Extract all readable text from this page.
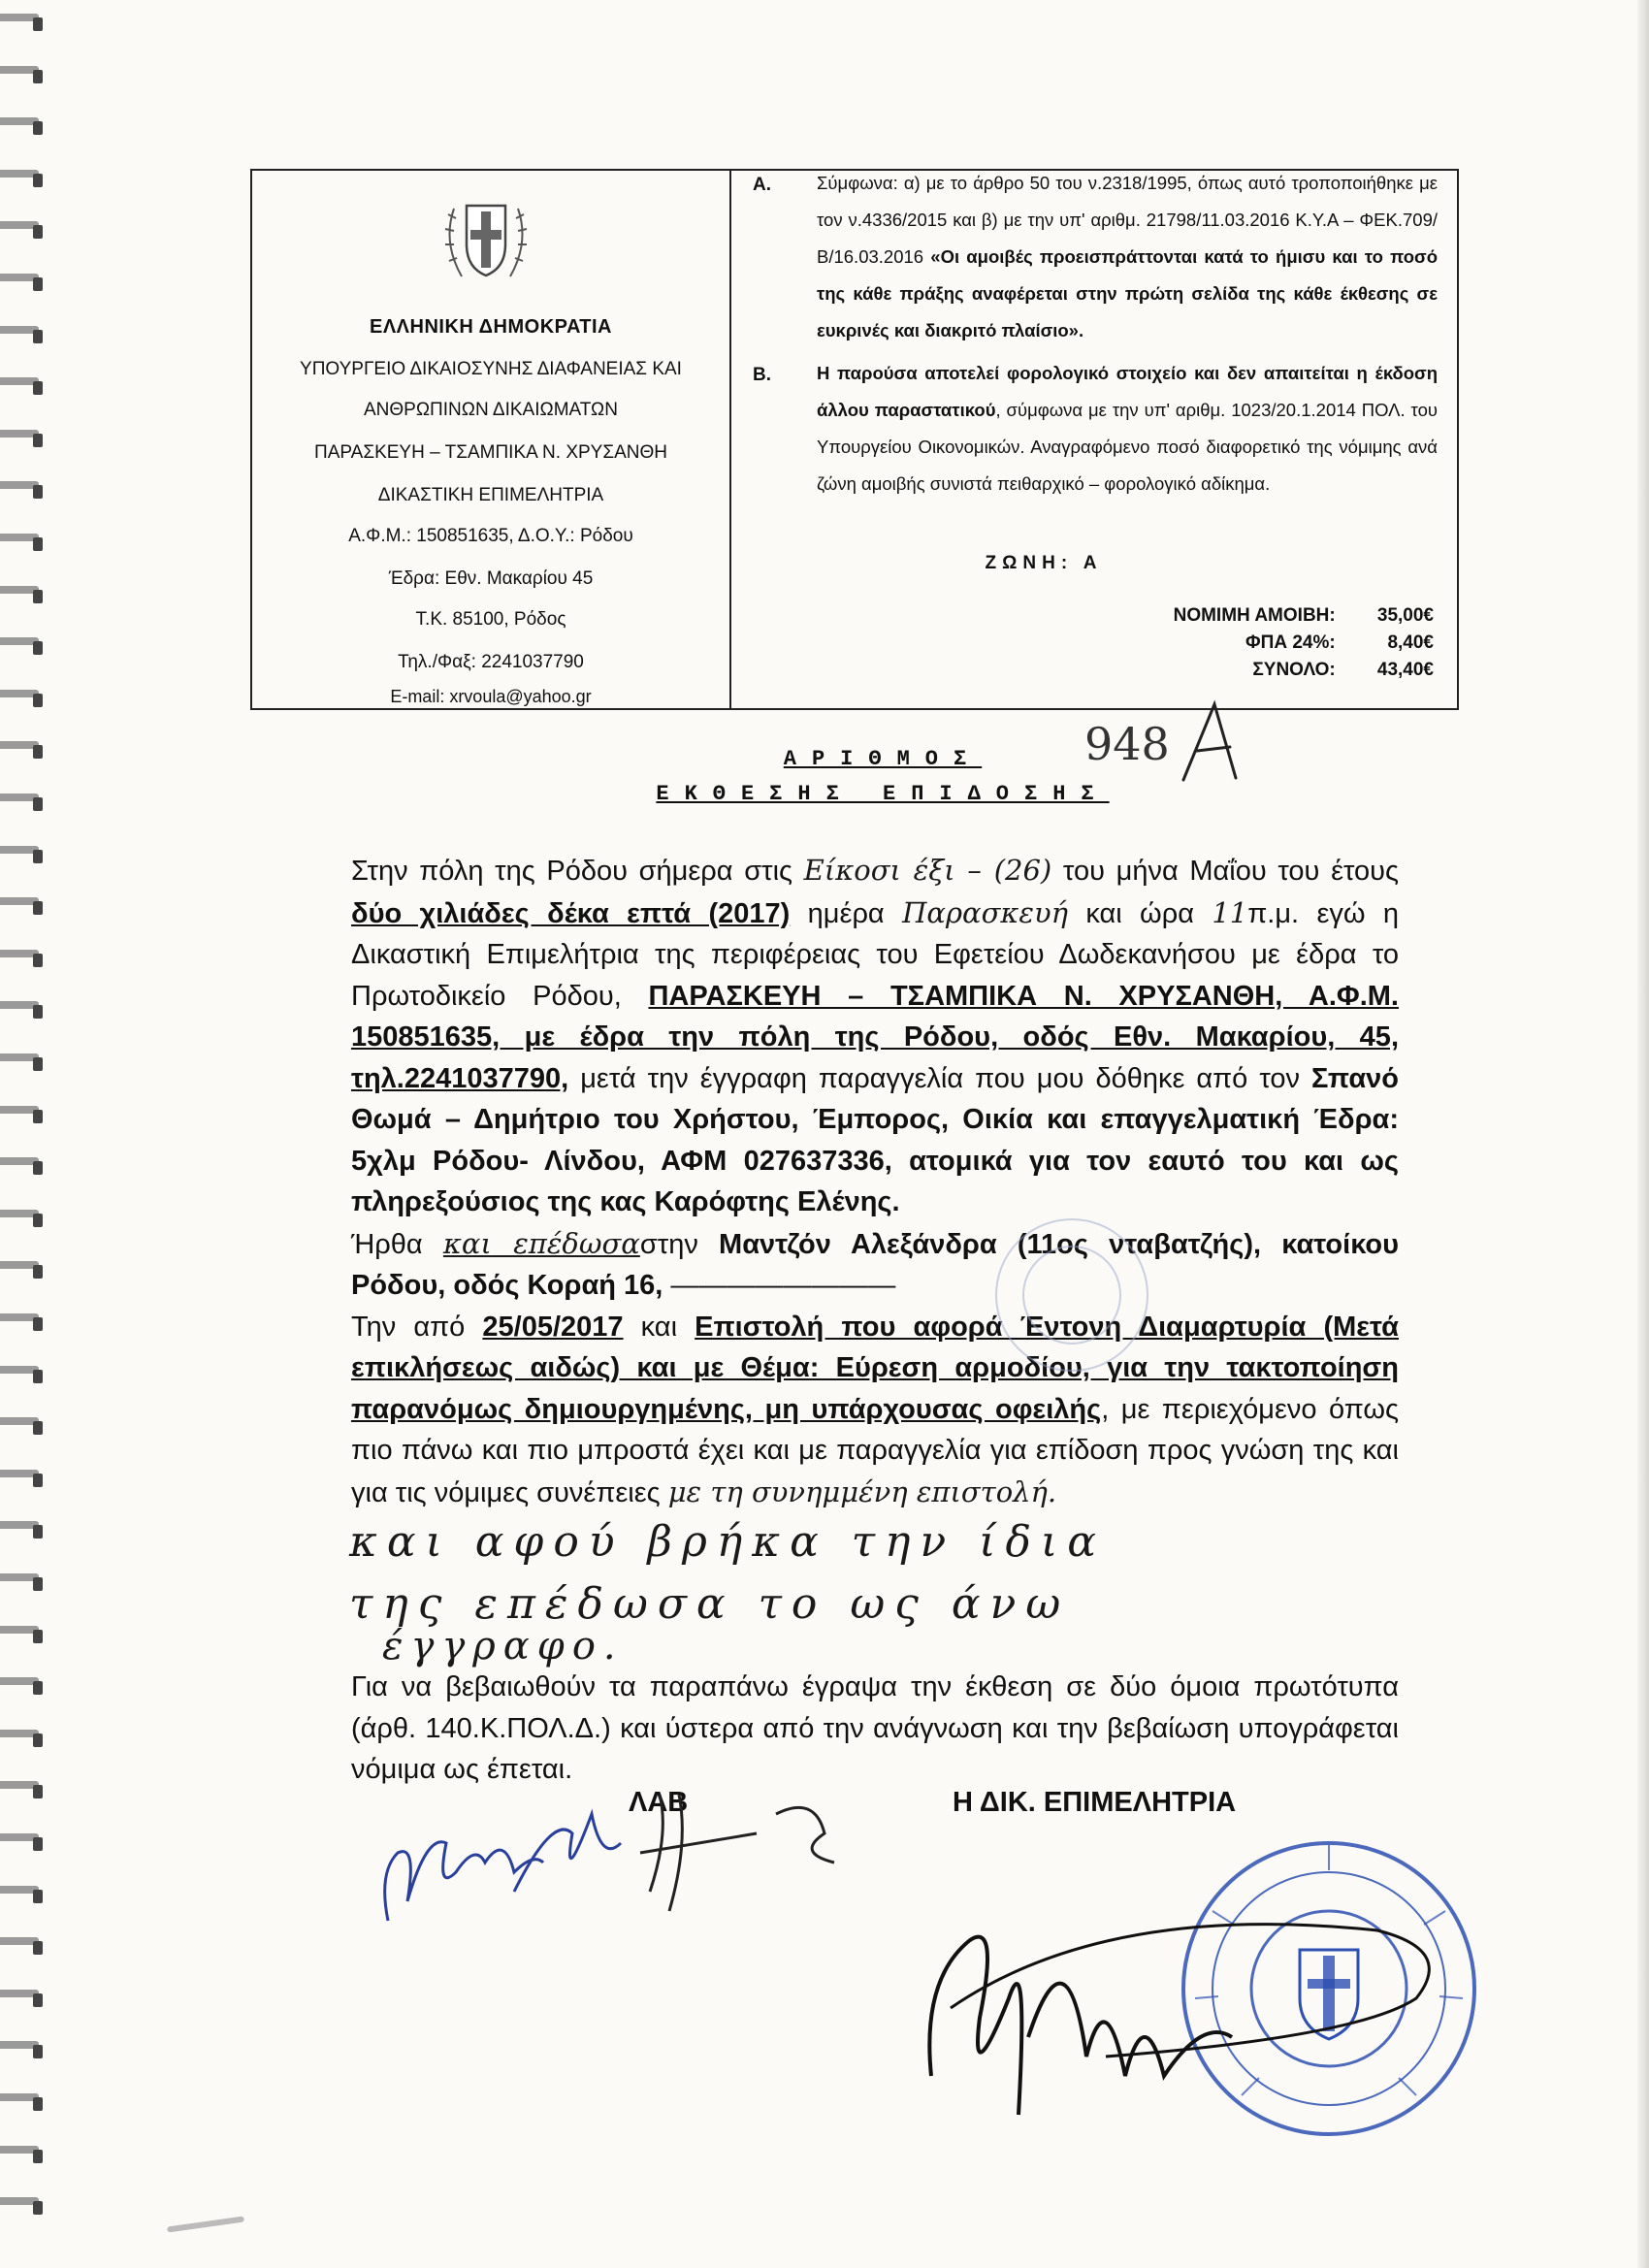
ΕΛΛΗΝΙΚΗ ΔΗΜΟΚΡΑΤΙΑ
ΥΠΟΥΡΓΕΙΟ ΔΙΚΑΙΟΣΥΝΗΣ ΔΙΑΦΑΝΕΙΑΣ ΚΑΙ
ΑΝΘΡΩΠΙΝΩΝ ΔΙΚΑΙΩΜΑΤΩΝ
ΠΑΡΑΣΚΕΥΗ – ΤΣΑΜΠΙΚΑ Ν. ΧΡΥΣΑΝΘΗ
ΔΙΚΑΣΤΙΚΗ ΕΠΙΜΕΛΗΤΡΙΑ
Α.Φ.Μ.: 150851635, Δ.Ο.Υ.: Ρόδου
Έδρα: Εθν. Μακαρίου 45
Τ.Κ. 85100, Ρόδος
Τηλ./Φαξ: 2241037790
E-mail: xrvoula@yahoo.gr
Α.	Σύμφωνα: α) με το άρθρο 50 του ν.2318/1995, όπως αυτό τροποποιήθηκε με τον ν.4336/2015 και β) με την υπ' αριθμ. 21798/11.03.2016 Κ.Υ.Α – ΦΕΚ.709/Β/16.03.2016 «Οι αμοιβές προεισπράττονται κατά το ήμισυ και το ποσό της κάθε πράξης αναφέρεται στην πρώτη σελίδα της κάθε έκθεσης σε ευκρινές και διακριτό πλαίσιο».
Β.	Η παρούσα αποτελεί φορολογικό στοιχείο και δεν απαιτείται η έκδοση άλλου παραστατικού, σύμφωνα με την υπ' αριθμ. 1023/20.1.2014 ΠΟΛ. του Υπουργείου Οικονομικών. Αναγραφόμενο ποσό διαφορετικό της νόμιμης ανά ζώνη αμοιβής συνιστά πειθαρχικό – φορολογικό αδίκημα.
ΖΩΝΗ: Α
ΝΟΜΙΜΗ ΑΜΟΙΒΗ: 35,00€
ΦΠΑ 24%:	8,40€
ΣΥΝΟΛΟ: 43,40€
ΑΡΙΘΜΟΣ
ΕΚΘΕΣΗΣ ΕΠΙΔΟΣΗΣ
948

Στην πόλη της Ρόδου σήμερα στις Είκοσι έξι – (26) του μήνα Μαΐου του έτους δύο χιλιάδες δέκα επτά (2017) ημέρα Παρασκευή και ώρα 11π.μ. εγώ η Δικαστική Επιμελήτρια της περιφέρειας του Εφετείου Δωδεκανήσου με έδρα το Πρωτοδικείο Ρόδου, ΠΑΡΑΣΚΕΥΗ – ΤΣΑΜΠΙΚΑ Ν. ΧΡΥΣΑΝΘΗ, Α.Φ.Μ. 150851635, με έδρα την πόλη της Ρόδου, οδός Εθν. Μακαρίου, 45, τηλ.2241037790, μετά την έγγραφη παραγγελία που μου δόθηκε από τον Σπανό Θωμά – Δημήτριο του Χρήστου, Έμπορος, Οικία και επαγγελματική Έδρα: 5χλμ Ρόδου- Λίνδου, ΑΦΜ 027637336, ατομικά για τον εαυτό του και ως πληρεξούσιος της κας Καρόφτης Ελένης.

Ήρθα και επέδωσαστην Μαντζόν Αλεξάνδρα (11ος νταβατζής), κατοίκου Ρόδου, οδός Κοραή 16, ————————

Την από 25/05/2017 και Επιστολή που αφορά Έντονη Διαμαρτυρία (Μετά επικλήσεως αιδώς) και με Θέμα: Εύρεση αρμοδίου, για την τακτοποίηση παρανόμως δημιουργημένης, μη υπάρχουσας οφειλής, με περιεχόμενο όπως πιο πάνω και πιο μπροστά έχει και με παραγγελία για επίδοση προς γνώση της και για τις νόμιμες συνέπειες με τη συνημμένη επιστολή.

και αφού βρήκα την ίδια
της επέδωσα το ως άνω
έγγραφο.

Για να βεβαιωθούν τα παραπάνω έγραψα την έκθεση σε δύο όμοια πρωτότυπα (άρθ. 140.Κ.ΠΟΛ.Δ.) και ύστερα από την ανάγνωση και την βεβαίωση υπογράφεται νόμιμα ως έπεται.

ΛΑΒ	Η ΔΙΚ. ΕΠΙΜΕΛΗΤΡΙΑ
